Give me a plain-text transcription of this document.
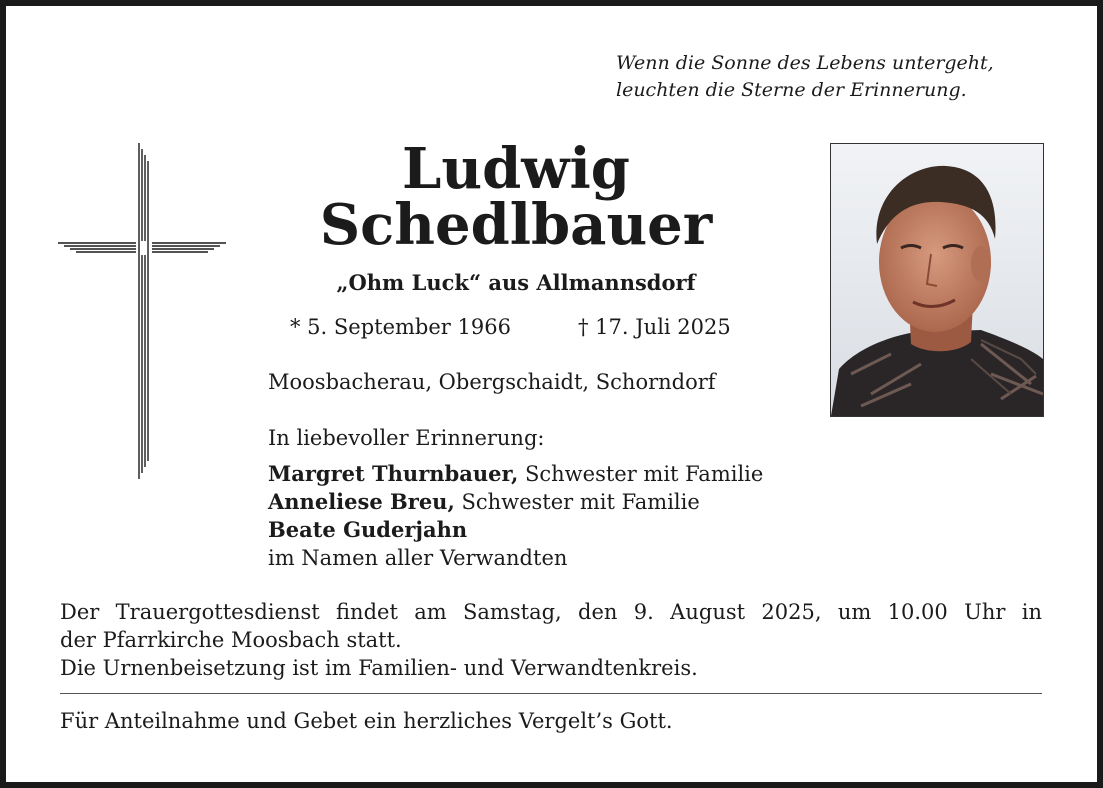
Wenn die Sonne des Lebens untergeht,
leuchten die Sterne der Erinnerung.
Ludwig
Schedlbauer
„Ohm Luck“ aus Allmannsdorf
* 5. September 1966	† 17. Juli 2025
Moosbacherau, Obergschaidt, Schorndorf
In liebevoller Erinnerung:
Margret Thurnbauer, Schwester mit Familie
Anneliese Breu, Schwester mit Familie
Beate Guderjahn
im Namen aller Verwandten
Der Trauergottesdienst findet am Samstag, den 9. August 2025, um 10.00 Uhr in
der Pfarrkirche Moosbach statt.
Die Urnenbeisetzung ist im Familien- und Verwandtenkreis.
Für Anteilnahme und Gebet ein herzliches Vergelt’s Gott.
